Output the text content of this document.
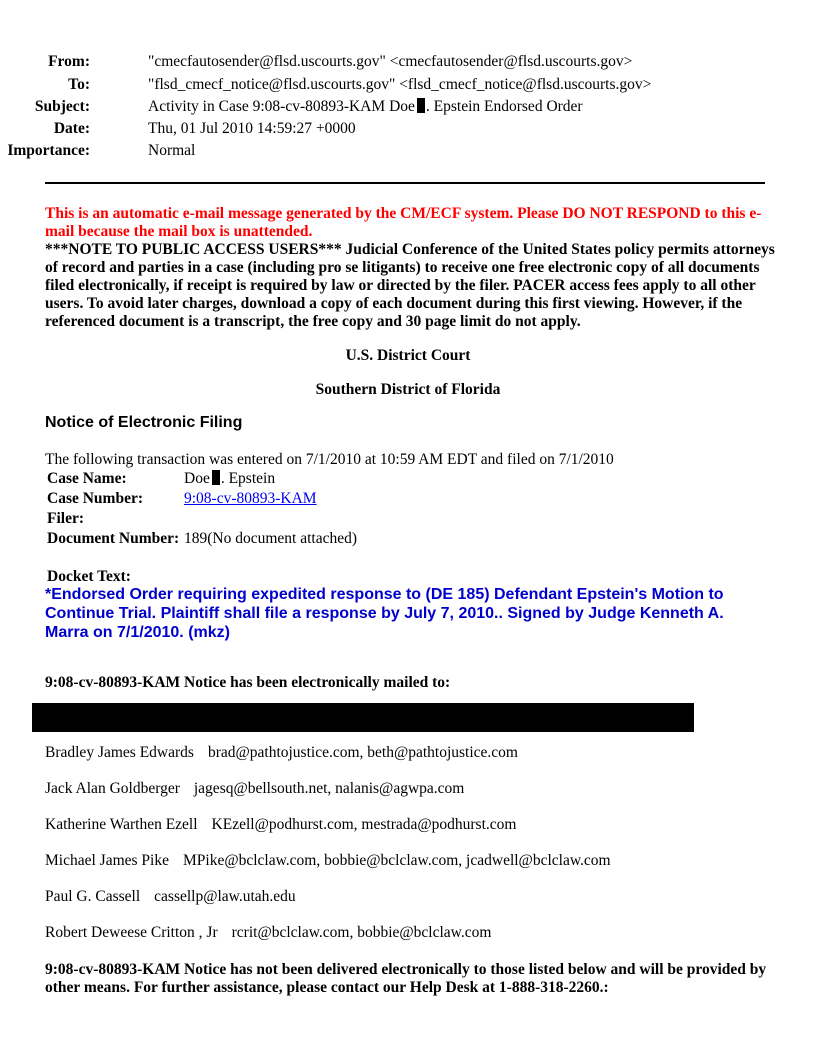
From:	"cmecfautosender@flsd.uscourts.gov" <cmecfautosender@flsd.uscourts.gov>
To:	"flsd_cmecf_notice@flsd.uscourts.gov" <flsd_cmecf_notice@flsd.uscourts.gov>
Subject:	Activity in Case 9:08-cv-80893-KAM Doe . Epstein Endorsed Order
Date:	Thu, 01 Jul 2010 14:59:27 +0000
Importance:	Normal
This is an automatic e-mail message generated by the CM/ECF system. Please DO NOT RESPOND to this e-mail because the mail box is unattended.
***NOTE TO PUBLIC ACCESS USERS*** Judicial Conference of the United States policy permits attorneys of record and parties in a case (including pro se litigants) to receive one free electronic copy of all documents filed electronically, if receipt is required by law or directed by the filer. PACER access fees apply to all other users. To avoid later charges, download a copy of each document during this first viewing. However, if the referenced document is a transcript, the free copy and 30 page limit do not apply.
U.S. District Court
Southern District of Florida
Notice of Electronic Filing
The following transaction was entered on 7/1/2010 at 10:59 AM EDT and filed on 7/1/2010
Case Name:	Doe . Epstein
Case Number:	9:08-cv-80893-KAM
Filer:
Document Number: 189(No document attached)
Docket Text:
*Endorsed Order requiring expedited response to (DE 185) Defendant Epstein's Motion to Continue Trial. Plaintiff shall file a response by July 7, 2010.. Signed by Judge Kenneth A. Marra on 7/1/2010. (mkz)
9:08-cv-80893-KAM Notice has been electronically mailed to:
Bradley James Edwards brad@pathtojustice.com, beth@pathtojustice.com
Jack Alan Goldberger jagesq@bellsouth.net, nalanis@agwpa.com
Katherine Warthen Ezell KEzell@podhurst.com, mestrada@podhurst.com
Michael James Pike MPike@bclclaw.com, bobbie@bclclaw.com, jcadwell@bclclaw.com
Paul G. Cassell cassellp@law.utah.edu
Robert Deweese Critton , Jr rcrit@bclclaw.com, bobbie@bclclaw.com
9:08-cv-80893-KAM Notice has not been delivered electronically to those listed below and will be provided by other means. For further assistance, please contact our Help Desk at 1-888-318-2260.:
